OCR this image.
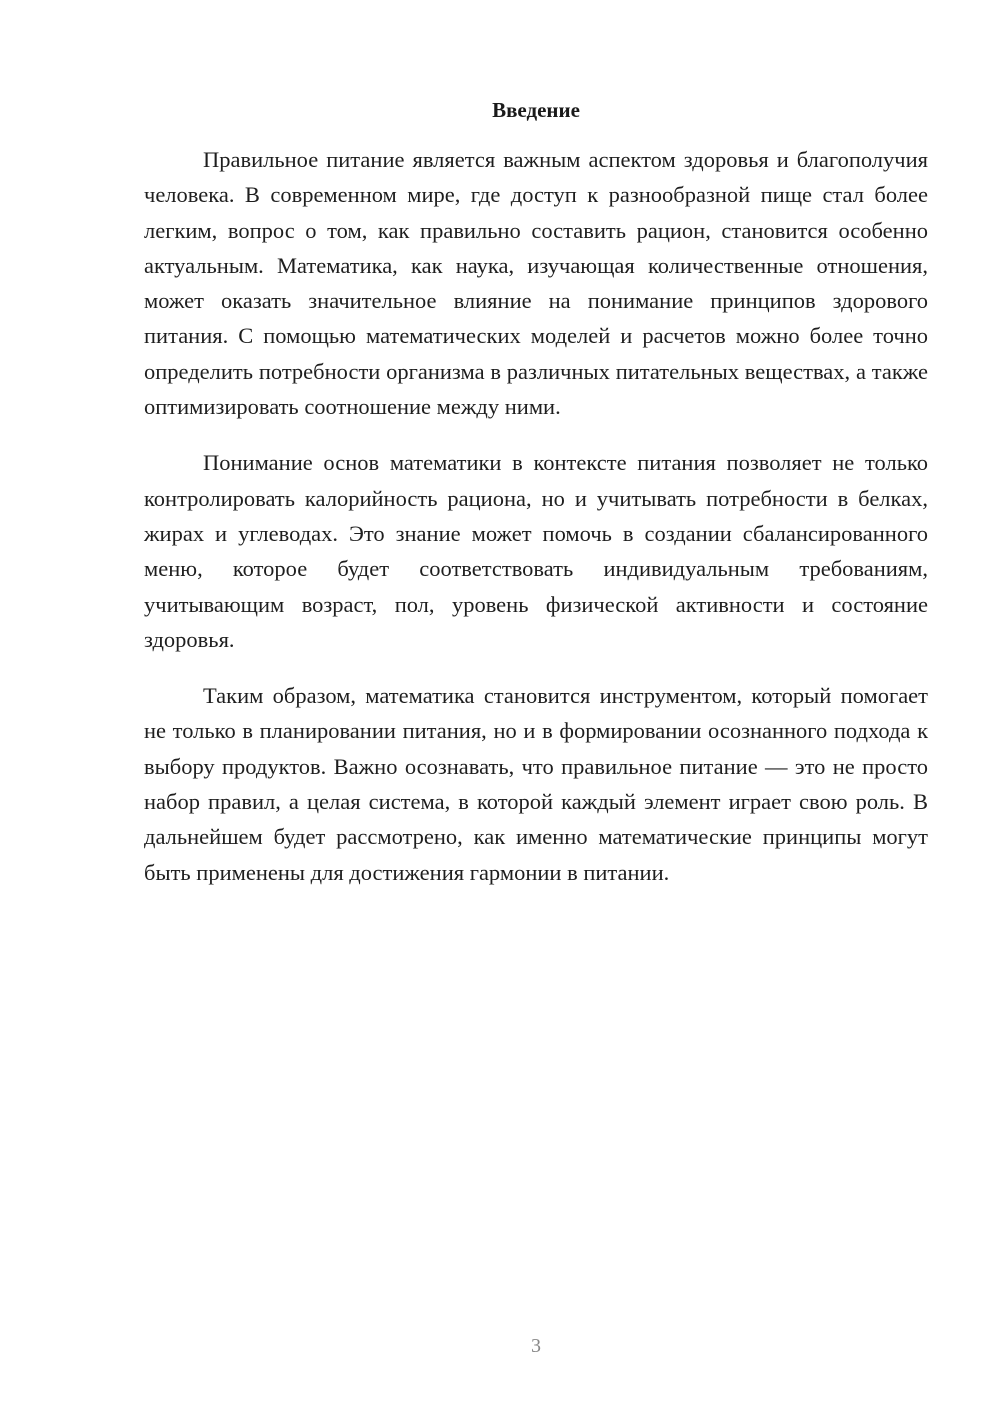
Введение

Правильное питание является важным аспектом здоровья и благополучия человека. В современном мире, где доступ к разнообразной пище стал более легким, вопрос о том, как правильно составить рацион, становится особенно актуальным. Математика, как наука, изучающая количественные отношения, может оказать значительное влияние на понимание принципов здорового питания. С помощью математических моделей и расчетов можно более точно определить потребности организма в различных питательных веществах, а также оптимизировать соотношение между ними.

Понимание основ математики в контексте питания позволяет не только контролировать калорийность рациона, но и учитывать потребности в белках, жирах и углеводах. Это знание может помочь в создании сбалансированного меню, которое будет соответствовать индивидуальным требованиям, учитывающим возраст, пол, уровень физической активности и состояние здоровья.

Таким образом, математика становится инструментом, который помогает не только в планировании питания, но и в формировании осознанного подхода к выбору продуктов. Важно осознавать, что правильное питание — это не просто набор правил, а целая система, в которой каждый элемент играет свою роль. В дальнейшем будет рассмотрено, как именно математические принципы могут быть применены для достижения гармонии в питании.

3
